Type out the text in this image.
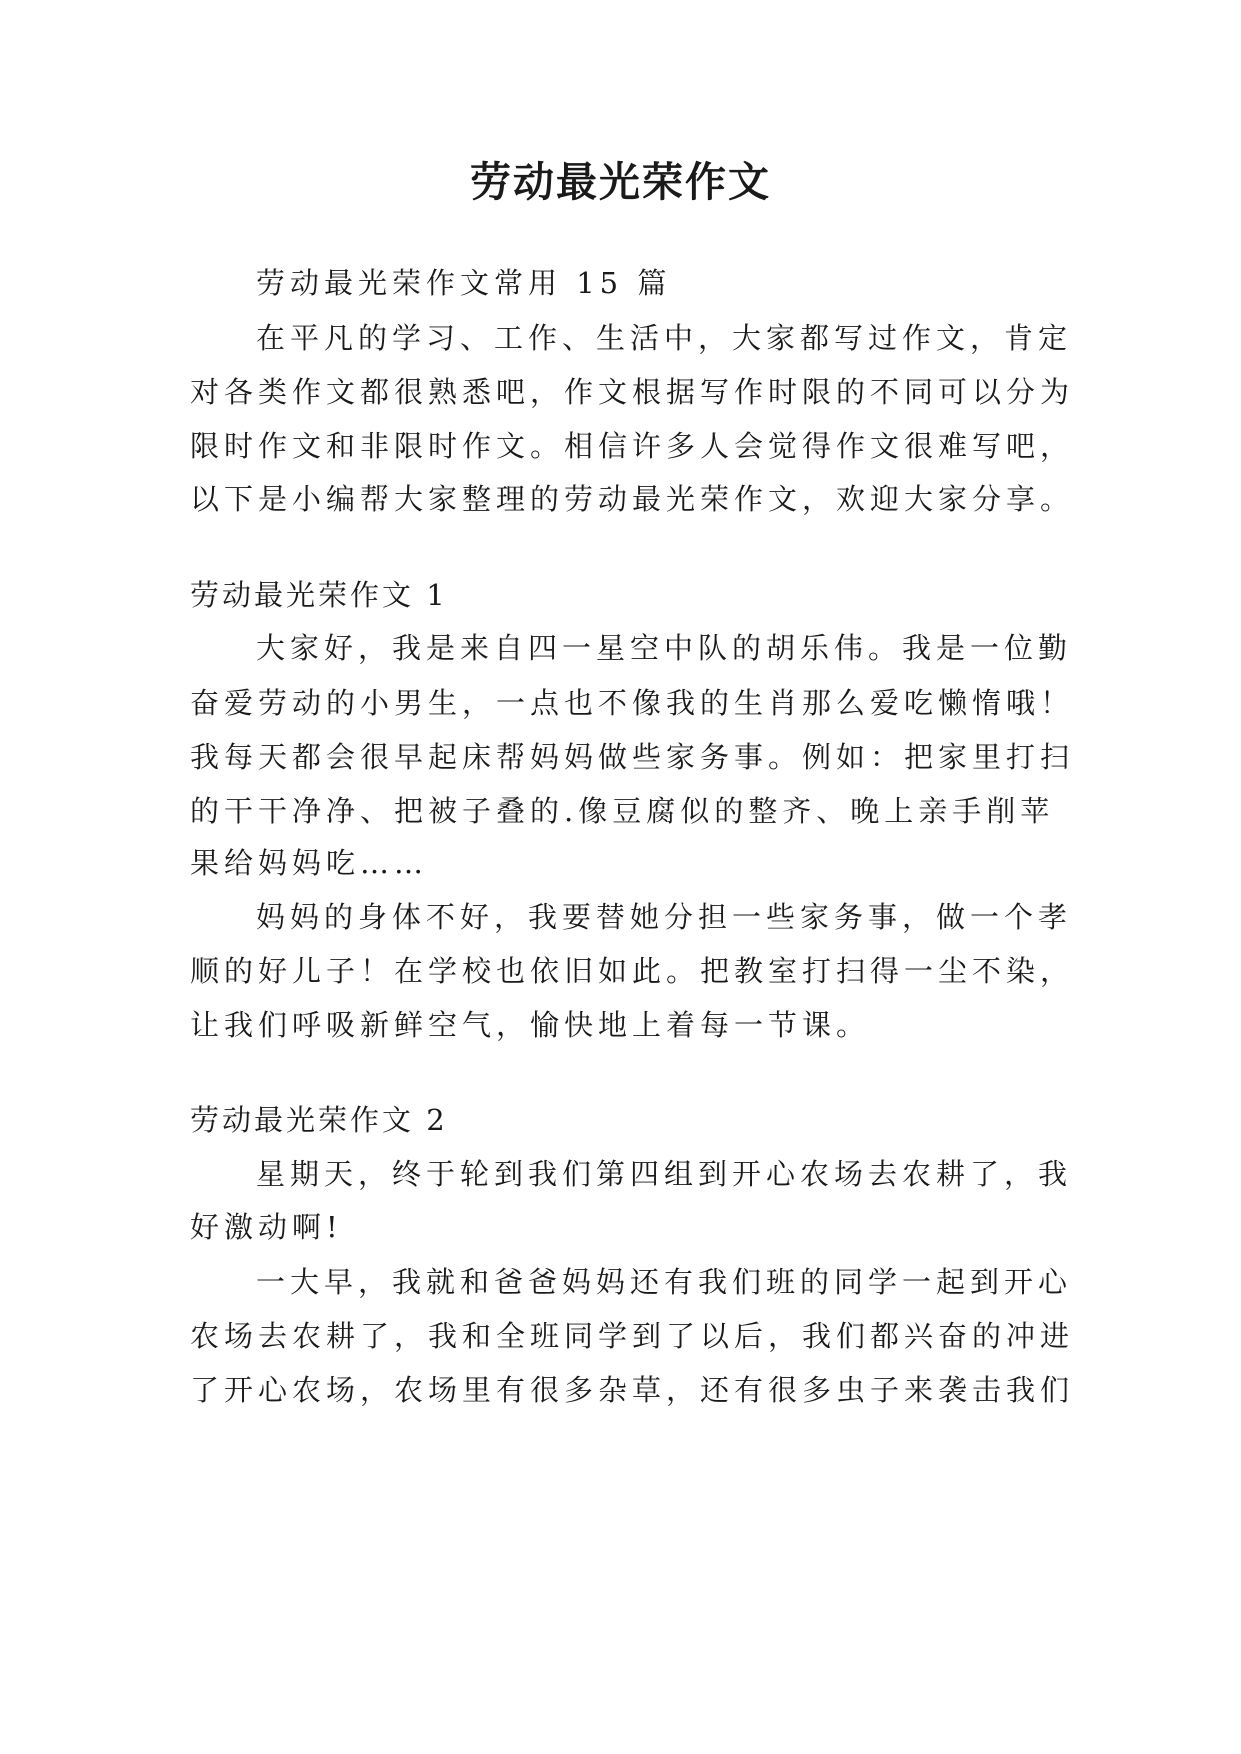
劳动最光荣作文
劳动最光荣作文常用 15 篇
在平凡的学习、工作、生活中，大家都写过作文，肯定
对各类作文都很熟悉吧，作文根据写作时限的不同可以分为
限时作文和非限时作文。相信许多人会觉得作文很难写吧，
以下是小编帮大家整理的劳动最光荣作文，欢迎大家分享。
劳动最光荣作文 1
大家好，我是来自四一星空中队的胡乐伟。我是一位勤
奋爱劳动的小男生，一点也不像我的生肖那么爱吃懒惰哦！
我每天都会很早起床帮妈妈做些家务事。例如：把家里打扫
的干干净净、把被子叠的.像豆腐似的整齐、晚上亲手削苹
果给妈妈吃……
妈妈的身体不好，我要替她分担一些家务事，做一个孝
顺的好儿子！在学校也依旧如此。把教室打扫得一尘不染，
让我们呼吸新鲜空气，愉快地上着每一节课。
劳动最光荣作文 2
星期天，终于轮到我们第四组到开心农场去农耕了，我
好激动啊!
一大早，我就和爸爸妈妈还有我们班的同学一起到开心
农场去农耕了，我和全班同学到了以后，我们都兴奋的冲进
了开心农场，农场里有很多杂草，还有很多虫子来袭击我们
